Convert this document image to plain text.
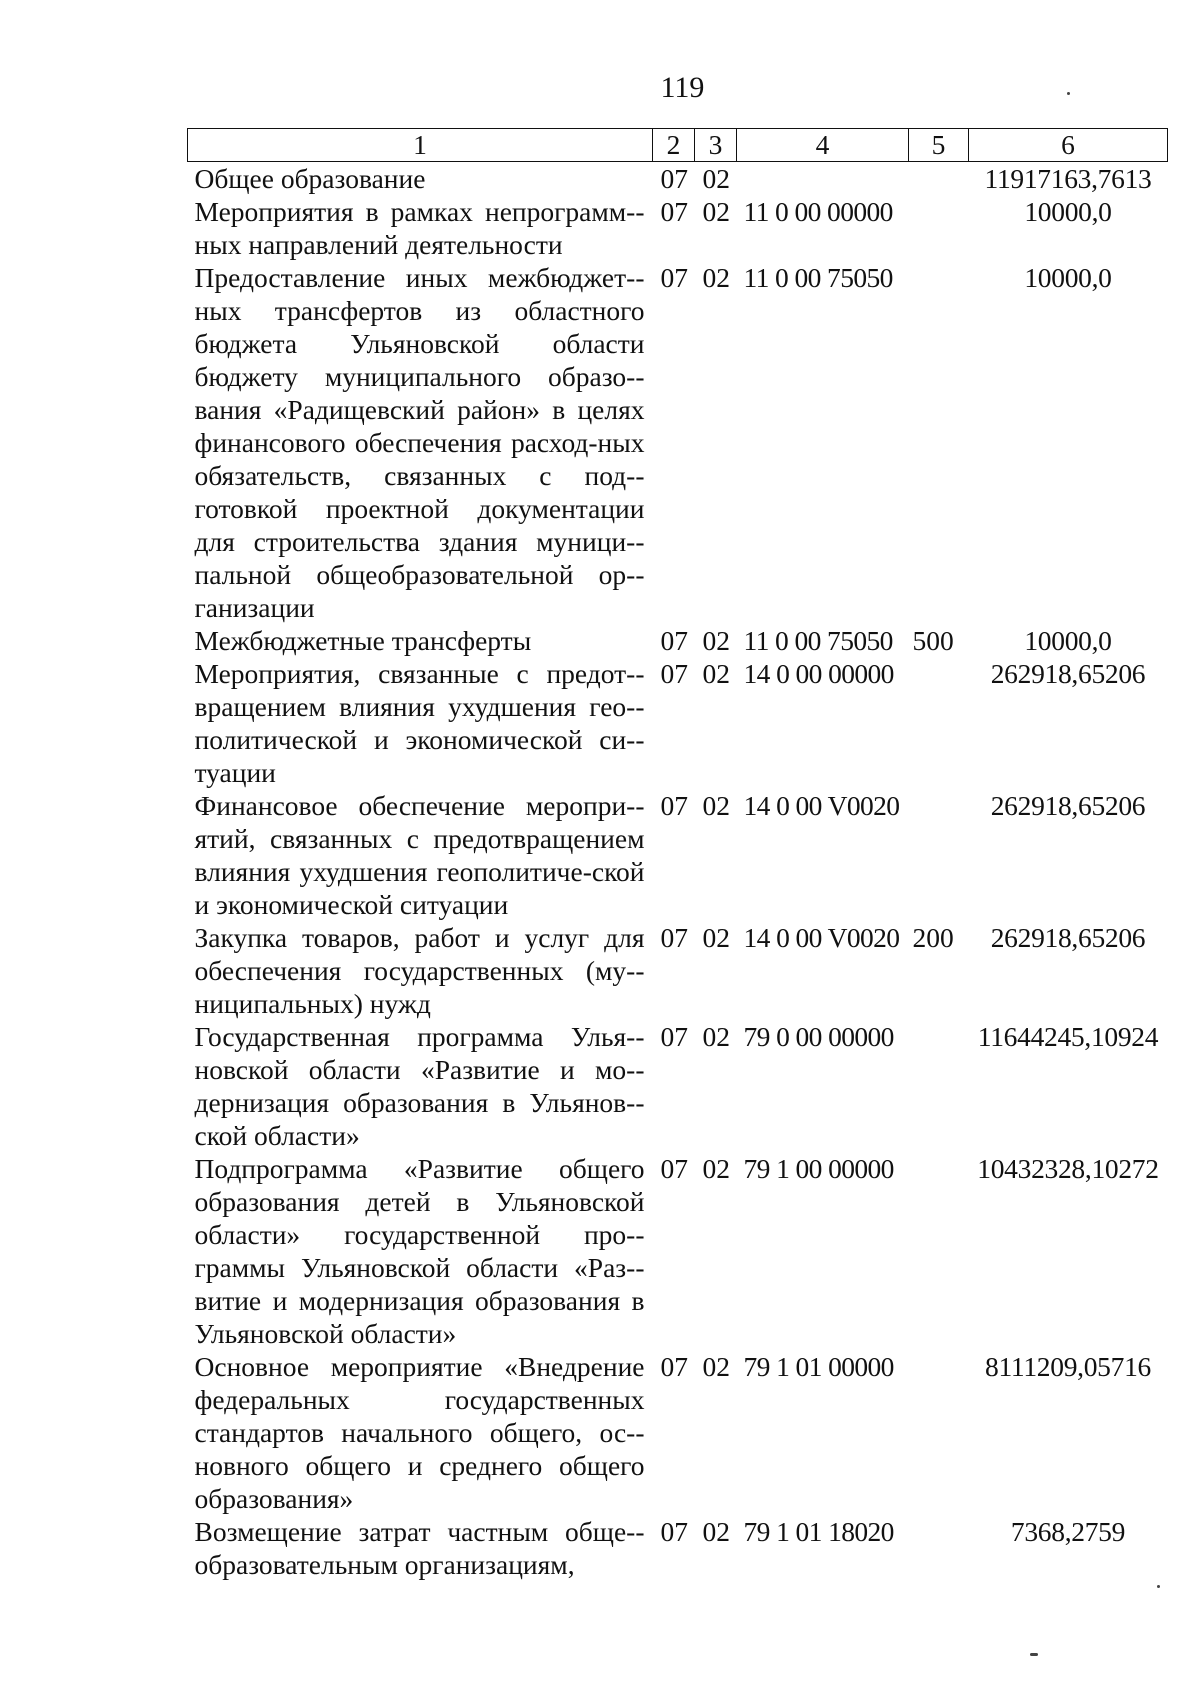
119
1	2	3	4	5	6
Общее образование	07	02			11917163,7613
Мероприятия в рамках непрограмм-ных направлений деятельности	07	02	11 0 00 00000		10000,0
Предоставление иных межбюджет-ных трансфертов из областного бюджета Ульяновской области бюджету муниципального образо-вания «Радищевский район» в целях финансового обеспечения расход-ных обязательств, связанных с под-готовкой проектной документации для строительства здания муници-пальной общеобразовательной ор-ганизации	07	02	11 0 00 75050		10000,0
Межбюджетные трансферты	07	02	11 0 00 75050	500	10000,0
Мероприятия, связанные с предот-вращением влияния ухудшения гео-политической и экономической си-туации	07	02	14 0 00 00000		262918,65206
Финансовое обеспечение меропри-ятий, связанных с предотвращением влияния ухудшения геополитиче-ской и экономической ситуации	07	02	14 0 00 V0020		262918,65206
Закупка товаров, работ и услуг для обеспечения государственных (му-ниципальных) нужд	07	02	14 0 00 V0020	200	262918,65206
Государственная программа Улья-новской области «Развитие и мо-дернизация образования в Ульянов-ской области»	07	02	79 0 00 00000		11644245,10924
Подпрограмма «Развитие общего образования детей в Ульяновской области» государственной про-граммы Ульяновской области «Раз-витие и модернизация образования в Ульяновской области»	07	02	79 1 00 00000		10432328,10272
Основное мероприятие «Внедрение федеральных государственных стандартов начального общего, ос-новного общего и среднего общего образования»	07	02	79 1 01 00000		8111209,05716
Возмещение затрат частным обще-образовательным организациям,	07	02	79 1 01 18020		7368,2759
